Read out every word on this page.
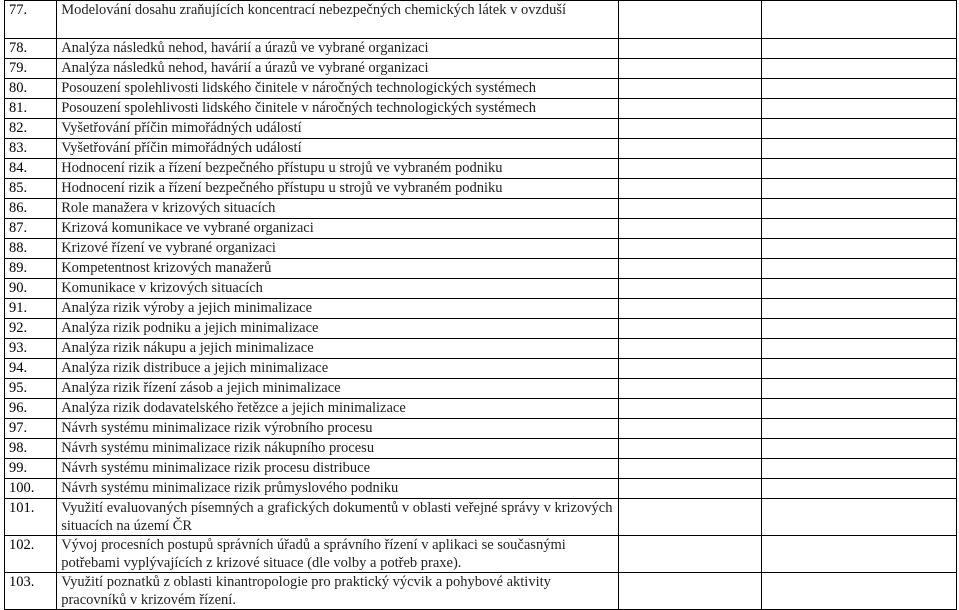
77.	Modelování dosahu zraňujících koncentrací nebezpečných chemických látek v ovzduší		
78.	Analýza následků nehod, havárií a úrazů ve vybrané organizaci		
79.	Analýza následků nehod, havárií a úrazů ve vybrané organizaci		
80.	Posouzení spolehlivosti lidského činitele v náročných technologických systémech		
81.	Posouzení spolehlivosti lidského činitele v náročných technologických systémech		
82.	Vyšetřování příčin mimořádných událostí		
83.	Vyšetřování příčin mimořádných událostí		
84.	Hodnocení rizik a řízení bezpečného přístupu u strojů ve vybraném podniku		
85.	Hodnocení rizik a řízení bezpečného přístupu u strojů ve vybraném podniku		
86.	Role manažera v krizových situacích		
87.	Krizová komunikace ve vybrané organizaci		
88.	Krizové řízení ve vybrané organizaci		
89.	Kompetentnost krizových manažerů		
90.	Komunikace v krizových situacích		
91.	Analýza rizik výroby a jejich minimalizace		
92.	Analýza rizik podniku a jejich minimalizace		
93.	Analýza rizik nákupu a jejich minimalizace		
94.	Analýza rizik distribuce a jejich minimalizace		
95.	Analýza rizik řízení zásob a jejich minimalizace		
96.	Analýza rizik dodavatelského řetězce a jejich minimalizace		
97.	Návrh systému minimalizace rizik výrobního procesu		
98.	Návrh systému minimalizace rizik nákupního procesu		
99.	Návrh systému minimalizace rizik procesu distribuce		
100.	Návrh systému minimalizace rizik průmyslového podniku		
101.	Využití evaluovaných písemných a grafických dokumentů v oblasti veřejné správy v krizových situacích na území ČR		
102.	Vývoj procesních postupů správních úřadů a správního řízení v aplikaci se současnými potřebami vyplývajících z krizové situace (dle volby a potřeb praxe).		
103.	Využití poznatků z oblasti kinantropologie pro praktický výcvik a pohybové aktivity pracovníků v krizovém řízení.		
